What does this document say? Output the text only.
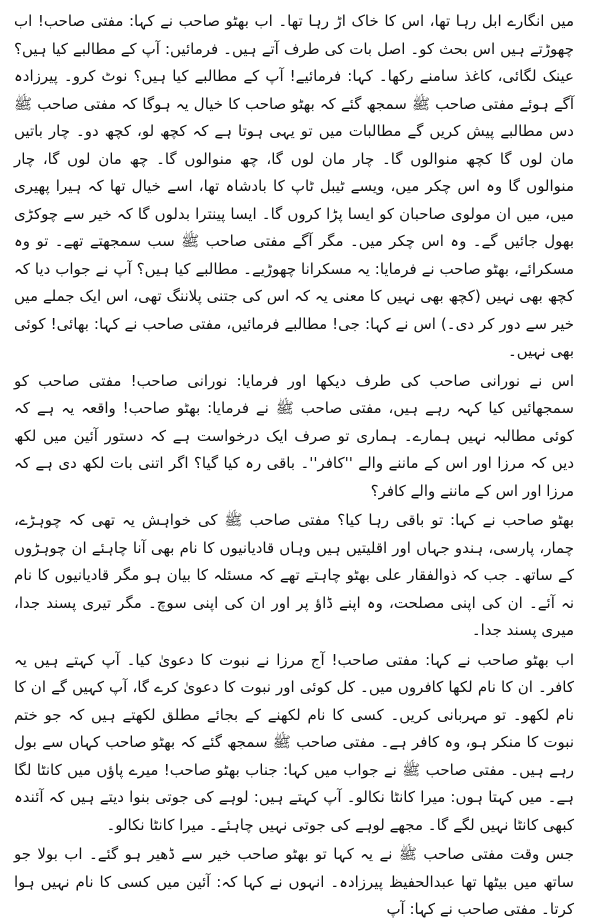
میں انگارے ابل رہا تھا، اس کا خاک اڑ رہا تھا۔ اب بھٹو صاحب نے کہا: مفتی صاحب! اب چھوڑتے ہیں اس بحث کو۔ اصل بات کی طرف آتے ہیں۔ فرمائیں: آپ کے مطالبے کیا ہیں؟ عینک لگائی، کاغذ سامنے رکھا۔ کہا: فرمائیے! آپ کے مطالبے کیا ہیں؟ نوٹ کرو۔ پیرزادہ آگے ہوئے مفتی صاحب ﷺ سمجھ گئے کہ بھٹو صاحب کا خیال یہ ہوگا کہ مفتی صاحب ﷺ دس مطالبے پیش کریں گے مطالبات میں تو یہی ہوتا ہے کہ کچھ لو، کچھ دو۔ چار باتیں مان لوں گا کچھ منوالوں گا۔ چار مان لوں گا، چھ منوالوں گا۔ چھ مان لوں گا، چار منوالوں گا وہ اس چکر میں، ویسے ٹیبل ٹاپ کا بادشاہ تھا، اسے خیال تھا کہ ہیرا پھیری میں، میں ان مولوی صاحبان کو ایسا پڑا کروں گا۔ ایسا پینترا بدلوں گا کہ خیر سے چوکڑی بھول جائیں گے۔ وہ اس چکر میں۔ مگر آگے مفتی صاحب ﷺ سب سمجھتے تھے۔ تو وہ مسکرائے، بھٹو صاحب نے فرمایا: یہ مسکرانا چھوڑیے۔ مطالبے کیا ہیں؟ آپ نے جواب دیا کہ کچھ بھی نہیں (کچھ بھی نہیں کا معنی یہ کہ اس کی جتنی پلاننگ تھی، اس ایک جملے میں خیر سے دور کر دی۔) اس نے کہا: جی! مطالبے فرمائیں، مفتی صاحب نے کہا: بھائی! کوئی بھی نہیں۔

اس نے نورانی صاحب کی طرف دیکھا اور فرمایا: نورانی صاحب! مفتی صاحب کو سمجھائیں کیا کہہ رہے ہیں، مفتی صاحب ﷺ نے فرمایا: بھٹو صاحب! واقعہ یہ ہے کہ کوئی مطالبہ نہیں ہمارے۔ ہماری تو صرف ایک درخواست ہے کہ دستور آئین میں لکھ دیں کہ مرزا اور اس کے ماننے والے ''کافر''۔ باقی رہ کیا گیا؟ اگر اتنی بات لکھ دی ہے کہ مرزا اور اس کے ماننے والے کافر؟

بھٹو صاحب نے کہا: تو باقی رہا کیا؟ مفتی صاحب ﷺ کی خواہش یہ تھی کہ چوہڑے، چمار، پارسی، ہندو جہاں اور اقلیتیں ہیں وہاں قادیانیوں کا نام بھی آنا چاہئے ان چوہڑوں کے ساتھ۔ جب کہ ذوالفقار علی بھٹو چاہتے تھے کہ مسئلہ کا بیان ہو مگر قادیانیوں کا نام نہ آئے۔ ان کی اپنی مصلحت، وہ اپنے ڈاؤ پر اور ان کی اپنی سوچ۔ مگر تیری پسند جدا، میری پسند جدا۔

اب بھٹو صاحب نے کہا: مفتی صاحب! آج مرزا نے نبوت کا دعویٰ کیا۔ آپ کہتے ہیں یہ کافر۔ ان کا نام لکھا کافروں میں۔ کل کوئی اور نبوت کا دعویٰ کرے گا، آپ کہیں گے ان کا نام لکھو۔ تو مہربانی کریں۔ کسی کا نام لکھنے کے بجائے مطلق لکھتے ہیں کہ جو ختم نبوت کا منکر ہو، وہ کافر ہے۔ مفتی صاحب ﷺ سمجھ گئے کہ بھٹو صاحب کہاں سے بول رہے ہیں۔ مفتی صاحب ﷺ نے جواب میں کہا: جناب بھٹو صاحب! میرے پاؤں میں کانٹا لگا ہے۔ میں کہتا ہوں: میرا کانٹا نکالو۔ آپ کہتے ہیں: لوہے کی جوتی بنوا دیتے ہیں کہ آئندہ کبھی کانٹا نہیں لگے گا۔ مجھے لوہے کی جوتی نہیں چاہئے۔ میرا کانٹا نکالو۔

جس وقت مفتی صاحب ﷺ نے یہ کہا تو بھٹو صاحب خیر سے ڈھیر ہو گئے۔ اب بولا جو ساتھ میں بیٹھا تھا عبدالحفیظ پیرزادہ۔ انہوں نے کہا کہ: آئین میں کسی کا نام نہیں ہوا کرتا۔ مفتی صاحب نے کہا: آپ
